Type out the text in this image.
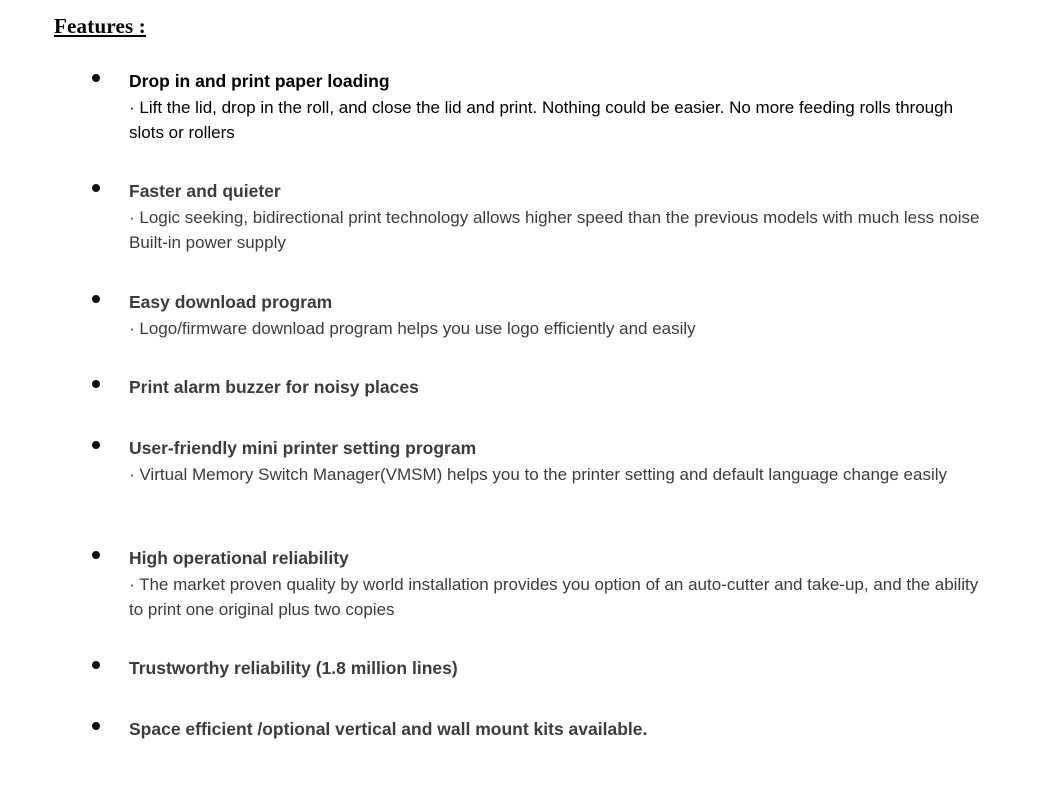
Features :
Drop in and print paper loading
· Lift the lid, drop in the roll, and close the lid and print. Nothing could be easier. No more feeding rolls through slots or rollers
Faster and quieter
· Logic seeking, bidirectional print technology allows higher speed than the previous models with much less noise Built-in power supply
Easy download program
· Logo/firmware download program helps you use logo efficiently and easily
Print alarm buzzer for noisy places
User-friendly mini printer setting program
· Virtual Memory Switch Manager(VMSM) helps you to the printer setting and default language change easily
High operational reliability
· The market proven quality by world installation provides you option of an auto-cutter and take-up, and the ability to print one original plus two copies
Trustworthy reliability (1.8 million lines)
Space efficient /optional vertical and wall mount kits available.
